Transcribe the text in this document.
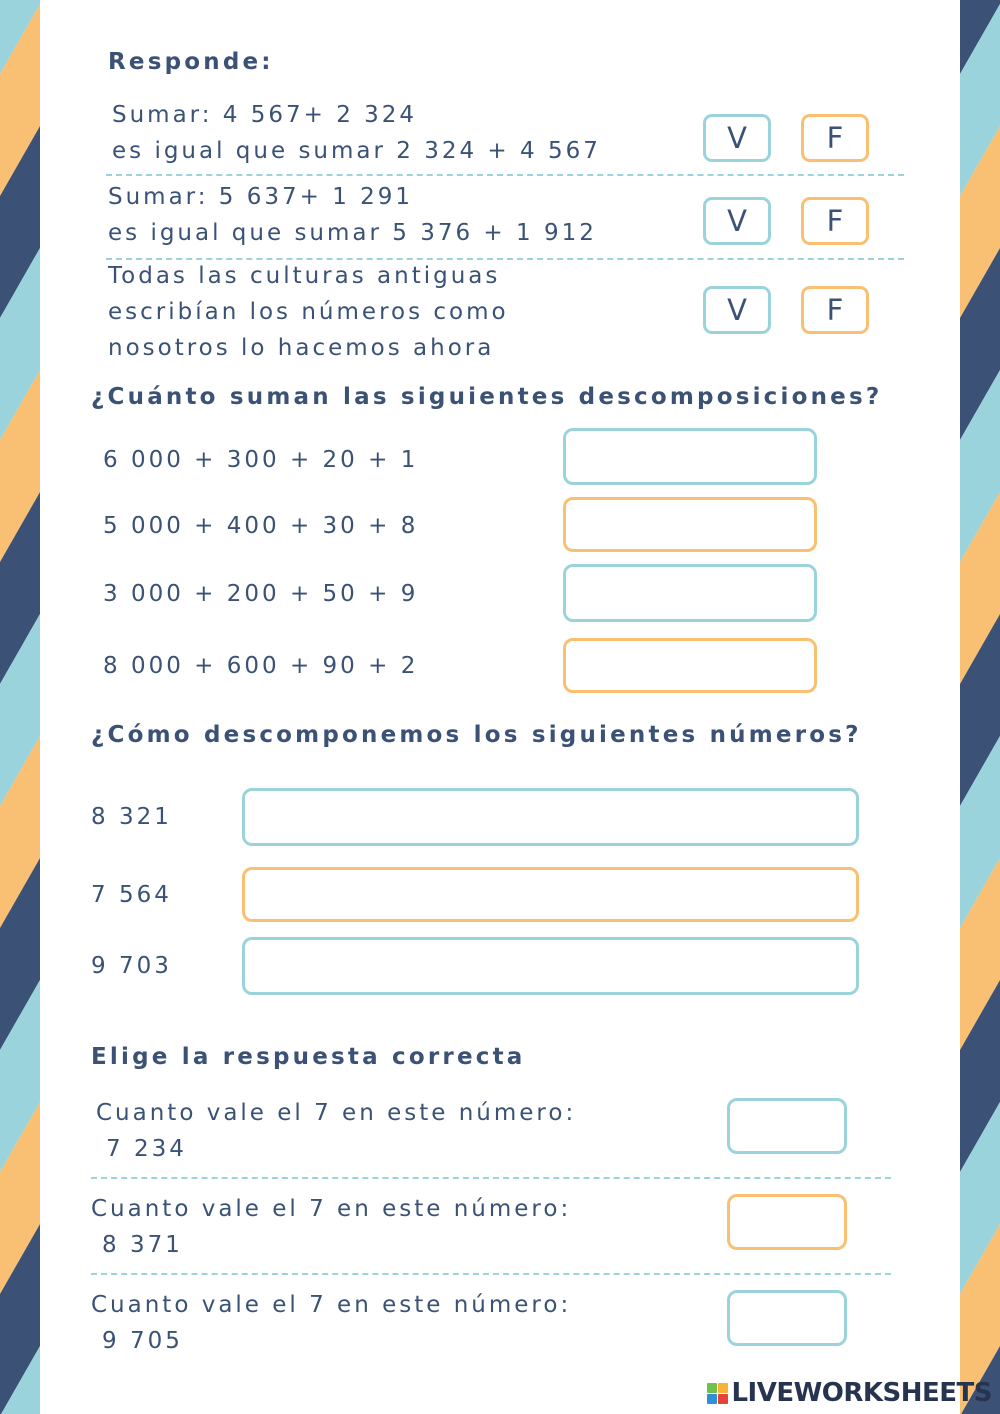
Responde:
Sumar: 4 567+ 2 324
es igual que sumar 2 324 + 4 567	V	F
Sumar: 5 637+ 1 291
es igual que sumar 5 376 + 1 912	V	F
Todas las culturas antiguas
escribían los números como
nosotros lo hacemos ahora
V	F
¿Cuánto suman las siguientes descomposiciones?
6 000 + 300 + 20 + 1
5 000 + 400 + 30 + 8
3 000 + 200 + 50 + 9
8 000 + 600 + 90 + 2
¿Cómo descomponemos los siguientes números?
8 321
7 564
9 703
Elige la respuesta correcta
Cuanto vale el 7 en este número:
7 234
Cuanto vale el 7 en este número:
8 371
Cuanto vale el 7 en este número:
9 705
LIVEWORKSHEETS
